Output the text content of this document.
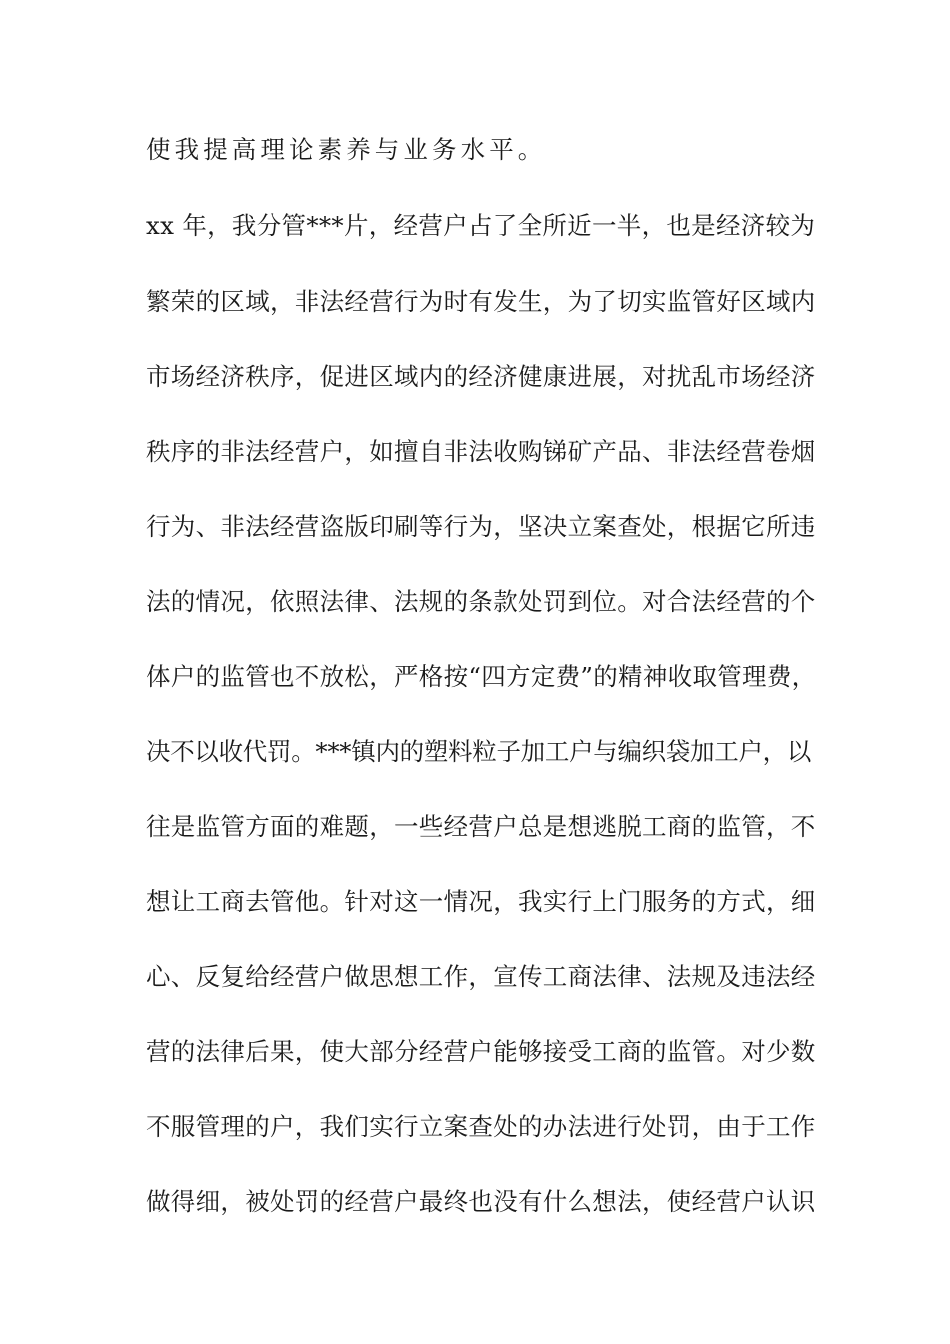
使我提高理论素养与业务水平。
xx 年，我分管***片，经营户占了全所近一半，也是经济较为
繁荣的区域，非法经营行为时有发生，为了切实监管好区域内
市场经济秩序，促进区域内的经济健康进展，对扰乱市场经济
秩序的非法经营户，如擅自非法收购锑矿产品、非法经营卷烟
行为、非法经营盗版印刷等行为，坚决立案查处，根据它所违
法的情况，依照法律、法规的条款处罚到位。对合法经营的个
体户的监管也不放松，严格按“四方定费”的精神收取管理费，
决不以收代罚。***镇内的塑料粒子加工户与编织袋加工户，以
往是监管方面的难题，一些经营户总是想逃脱工商的监管，不
想让工商去管他。针对这一情况，我实行上门服务的方式，细
心、反复给经营户做思想工作，宣传工商法律、法规及违法经
营的法律后果，使大部分经营户能够接受工商的监管。对少数
不服管理的户，我们实行立案查处的办法进行处罚，由于工作
做得细，被处罚的经营户最终也没有什么想法，使经营户认识
